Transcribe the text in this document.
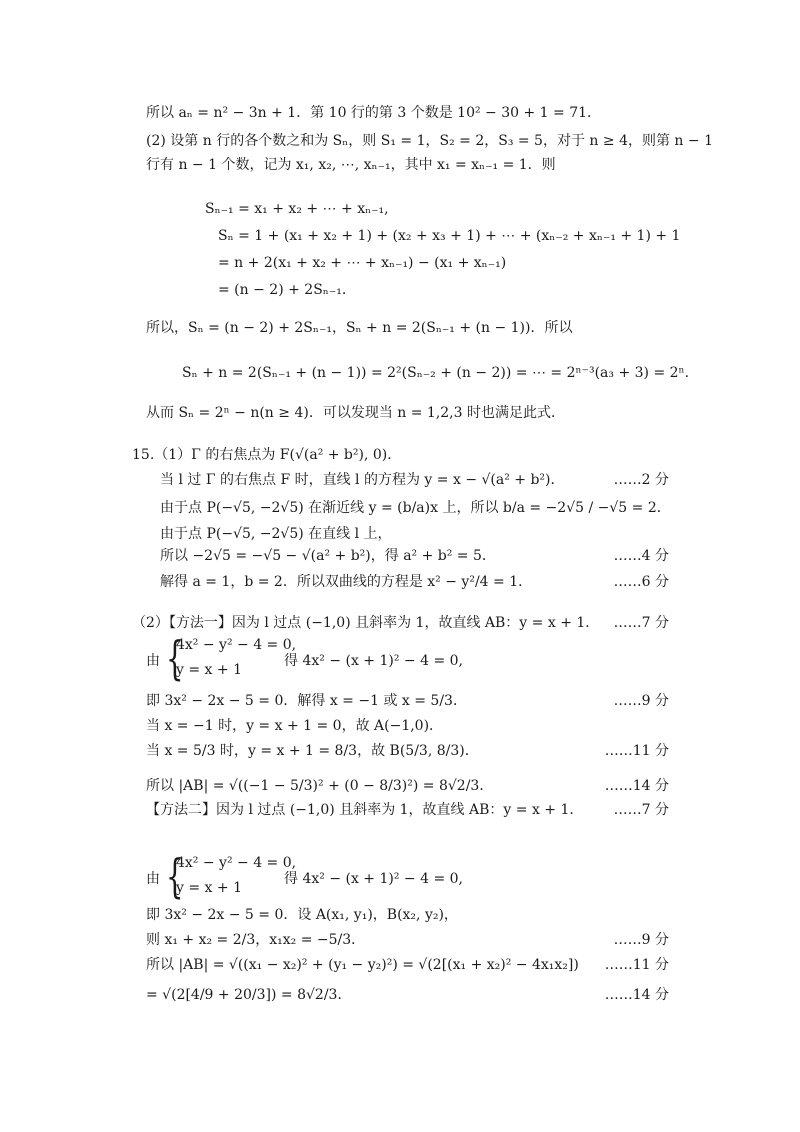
所以 aₙ = n² − 3n + 1．第 10 行的第 3 个数是 10² − 30 + 1 = 71．
(2) 设第 n 行的各个数之和为 Sₙ，则 S₁ = 1，S₂ = 2，S₃ = 5，对于 n ≥ 4，则第 n − 1
行有 n − 1 个数，记为 x₁, x₂, ⋯, xₙ₋₁，其中 x₁ = xₙ₋₁ = 1．则
Sₙ₋₁ = x₁ + x₂ + ⋯ + xₙ₋₁,
Sₙ = 1 + (x₁ + x₂ + 1) + (x₂ + x₃ + 1) + ⋯ + (xₙ₋₂ + xₙ₋₁ + 1) + 1
= n + 2(x₁ + x₂ + ⋯ + xₙ₋₁) − (x₁ + xₙ₋₁)
= (n − 2) + 2Sₙ₋₁.
所以，Sₙ = (n − 2) + 2Sₙ₋₁，Sₙ + n = 2(Sₙ₋₁ + (n − 1))．所以
Sₙ + n = 2(Sₙ₋₁ + (n − 1)) = 2²(Sₙ₋₂ + (n − 2)) = ⋯ = 2ⁿ⁻³(a₃ + 3) = 2ⁿ.
从而 Sₙ = 2ⁿ − n(n ≥ 4)．可以发现当 n = 1,2,3 时也满足此式．
15.（1）Γ 的右焦点为 F(√(a² + b²), 0)．
当 l 过 Γ 的右焦点 F 时，直线 l 的方程为 y = x − √(a² + b²)．	……2 分
由于点 P(−√5, −2√5) 在渐近线 y = (b/a)x 上，所以 b/a = −2√5 / −√5 = 2．
由于点 P(−√5, −2√5) 在直线 l 上，
所以 −2√5 = −√5 − √(a² + b²)，得 a² + b² = 5．	……4 分
解得 a = 1，b = 2．所以双曲线的方程是 x² − y²/4 = 1．	……6 分
（2）【方法一】因为 l 过点 (−1,0) 且斜率为 1，故直线 AB：y = x + 1． ……7 分
由 {
4x² − y² − 4 = 0,
y = x + 1
得 4x² − (x + 1)² − 4 = 0,
即 3x² − 2x − 5 = 0．解得 x = −1 或 x = 5/3．	……9 分
当 x = −1 时，y = x + 1 = 0，故 A(−1,0)．
当 x = 5/3 时，y = x + 1 = 8/3，故 B(5/3, 8/3)．	……11 分
所以 |AB| = √((−1 − 5/3)² + (0 − 8/3)²) = 8√2/3．	……14 分
【方法二】因为 l 过点 (−1,0) 且斜率为 1，故直线 AB：y = x + 1． ……7 分
由 {
4x² − y² − 4 = 0,
y = x + 1
得 4x² − (x + 1)² − 4 = 0,
即 3x² − 2x − 5 = 0．设 A(x₁, y₁)，B(x₂, y₂)，
则 x₁ + x₂ = 2/3，x₁x₂ = −5/3．	……9 分
所以 |AB| = √((x₁ − x₂)² + (y₁ − y₂)²) = √(2[(x₁ + x₂)² − 4x₁x₂]) ……11 分
= √(2[4/9 + 20/3]) = 8√2/3．	……14 分
